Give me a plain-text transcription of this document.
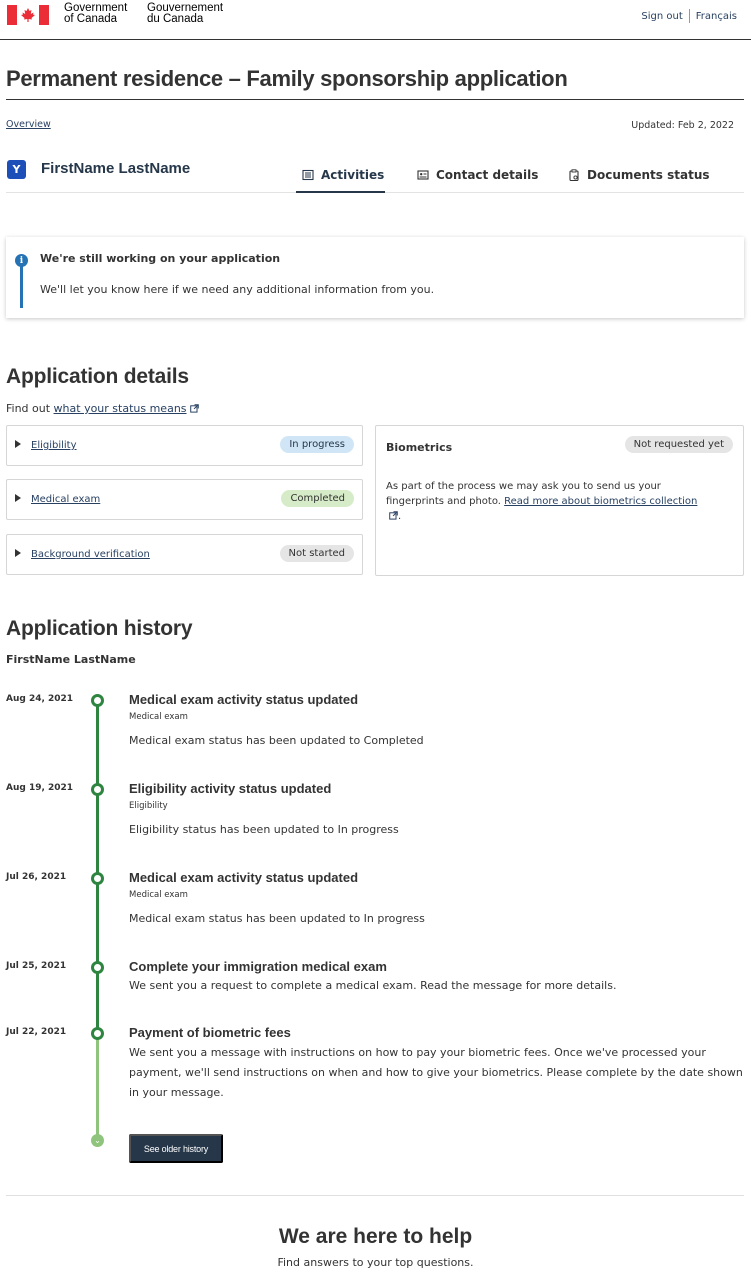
Government
of Canada
Gouvernement
du Canada	Sign out	Français
Permanent residence – Family sponsorship application
Overview	Updated: Feb 2, 2022
Y	FirstName LastName	Activities	Contact details	Documents status
i	We're still working on your application
We'll let you know here if we need any additional information from you.
Application details
Find out what your status means
Eligibility	In progress
Medical exam	Completed
Background verification	Not started
Biometrics	Not requested yet
As part of the process we may ask you to send us your fingerprints and photo. Read more about biometrics collection.
Application history
FirstName LastName
Aug 24, 2021	Medical exam activity status updated
Medical exam
Medical exam status has been updated to Completed
Aug 19, 2021	Eligibility activity status updated
Eligibility
Eligibility status has been updated to In progress
Jul 26, 2021	Medical exam activity status updated
Medical exam
Medical exam status has been updated to In progress
Jul 25, 2021	Complete your immigration medical exam
We sent you a request to complete a medical exam. Read the message for more details.
Jul 22, 2021	Payment of biometric fees
We sent you a message with instructions on how to pay your biometric fees. Once we've processed your payment, we'll send instructions on when and how to give your biometrics. Please complete by the date shown in your message.
⌄
See older history
We are here to help
Find answers to your top questions.
